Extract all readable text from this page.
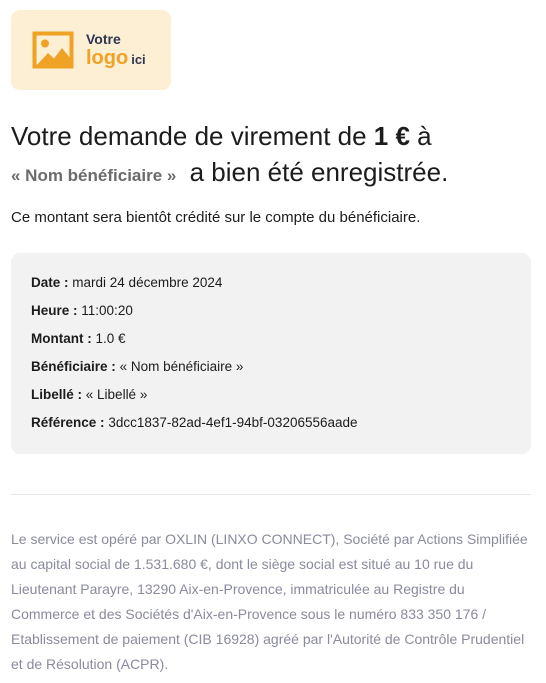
Votre
logo ici
Votre demande de virement de 1 € à
« Nom bénéficiaire » a bien été enregistrée.

Ce montant sera bientôt crédité sur le compte du bénéficiaire.

Date : mardi 24 décembre 2024
Heure : 11:00:20
Montant : 1.0 €
Bénéficiaire : « Nom bénéficiaire »
Libellé : « Libellé »
Référence : 3dcc1837-82ad-4ef1-94bf-03206556aade

Le service est opéré par OXLIN (LINXO CONNECT), Société par Actions Simplifiée au capital social de 1.531.680 €, dont le siège social est situé au 10 rue du Lieutenant Parayre, 13290 Aix-en-Provence, immatriculée au Registre du Commerce et des Sociétés d'Aix-en-Provence sous le numéro 833 350 176 / Etablissement de paiement (CIB 16928) agréé par l'Autorité de Contrôle Prudentiel et de Résolution (ACPR).
